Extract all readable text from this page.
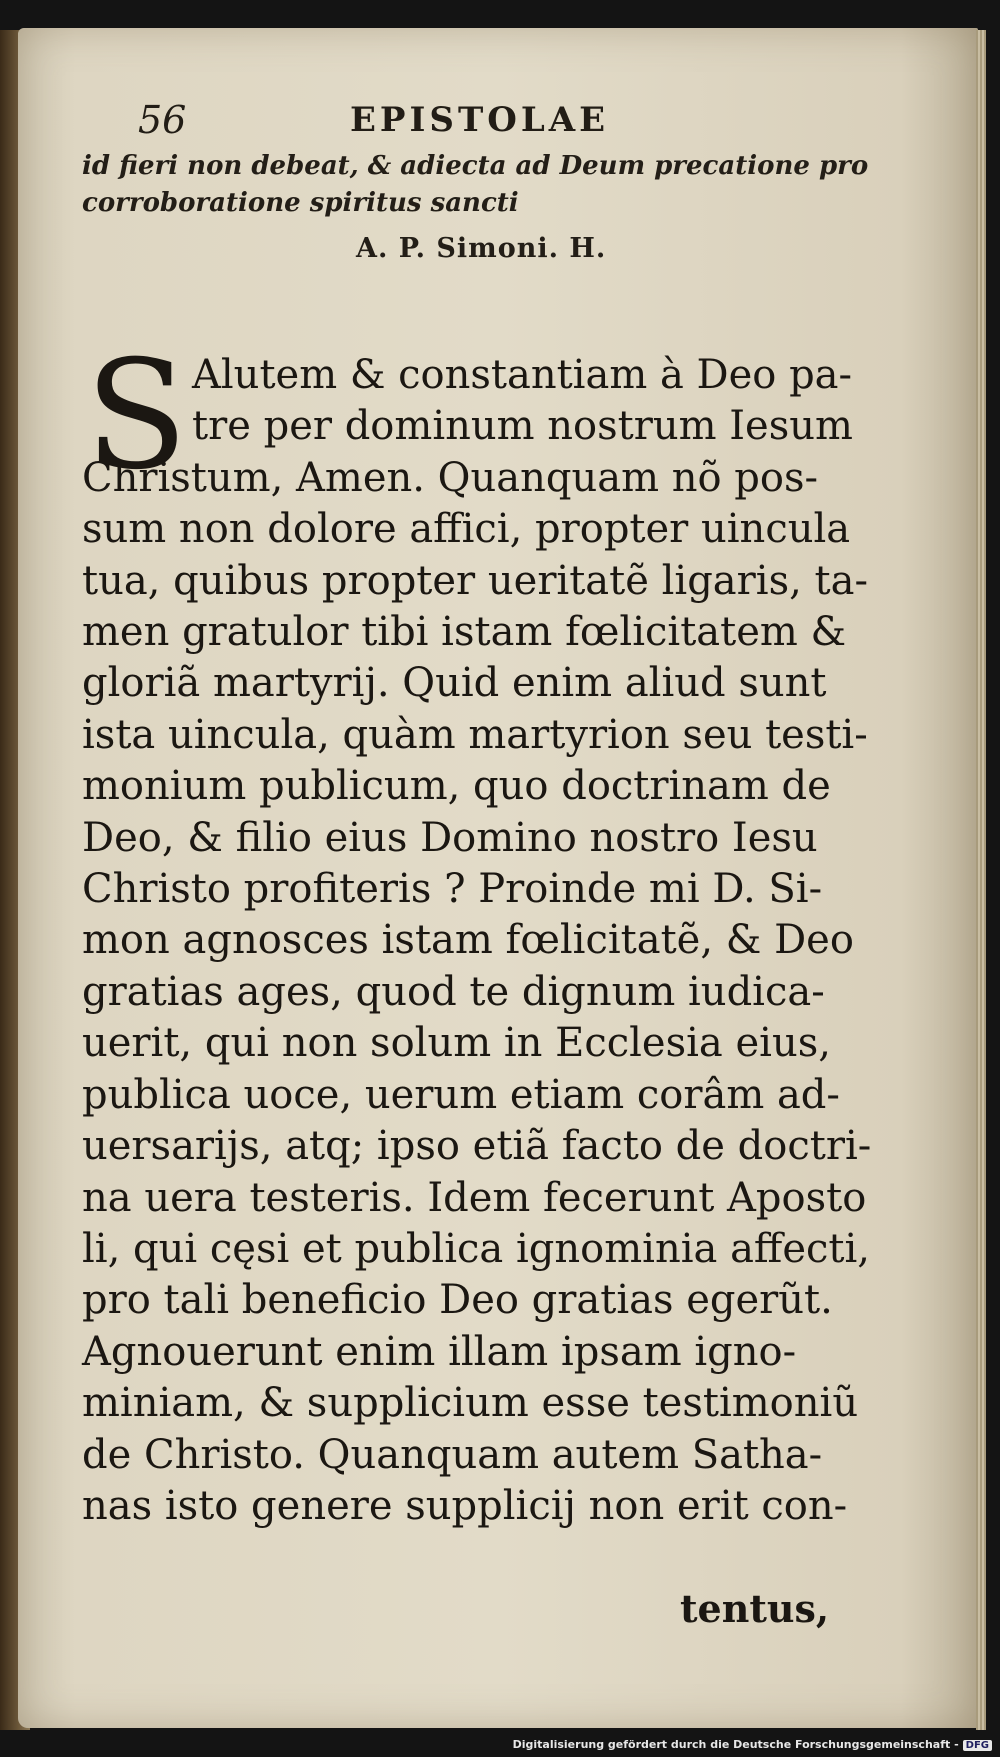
56	EPISTOLAE
id fieri non debeat, & adiecta ad Deum precatione pro
corroboratione spiritus sancti
A. P. Simoni. H.
S Alutem & constantiam à Deo pa-
tre per dominum nostrum Iesum
Christum, Amen. Quanquam nõ pos-
sum non dolore affici, propter uincula
tua, quibus propter ueritatẽ ligaris, ta-
men gratulor tibi istam fœlicitatem &
gloriã martyrij. Quid enim aliud sunt
ista uincula, quàm martyrion seu testi-
monium publicum, quo doctrinam de
Deo, & filio eius Domino nostro Iesu
Christo profiteris ? Proinde mi D. Si-
mon agnosces istam fœlicitatẽ, & Deo
gratias ages, quod te dignum iudica-
uerit, qui non solum in Ecclesia eius,
publica uoce, uerum etiam corâm ad-
uersarijs, atq; ipso etiã facto de doctri-
na uera testeris. Idem fecerunt Aposto
li, qui cęsi et publica ignominia affecti,
pro tali beneficio Deo gratias egerũt.
Agnouerunt enim illam ipsam igno-
miniam, & supplicium esse testimoniũ
de Christo. Quanquam autem Satha-
nas isto genere supplicij non erit con-
tentus,
Digitalisierung gefördert durch die Deutsche Forschungsgemeinschaft - DFG
